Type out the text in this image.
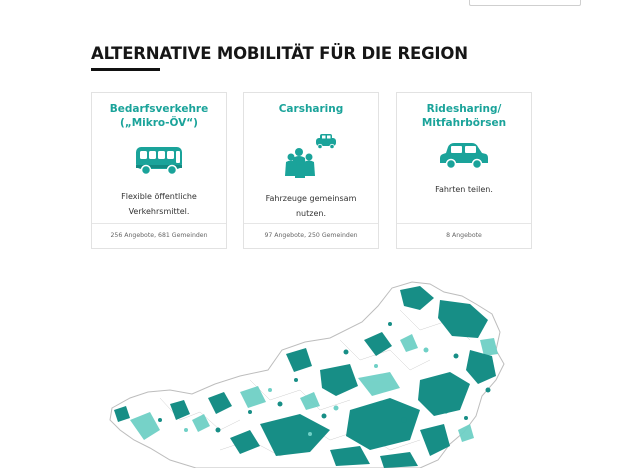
ALTERNATIVE MOBILITÄT FÜR DIE REGION
Bedarfsverkehre
(„Mikro-ÖV“)
Flexible öffentliche Verkehrsmittel.
256 Angebote, 681 Gemeinden
Carsharing
Fahrzeuge gemeinsam nutzen.
97 Angebote, 250 Gemeinden
Ridesharing/
Mitfahrbörsen
Fahrten teilen.
8 Angebote
